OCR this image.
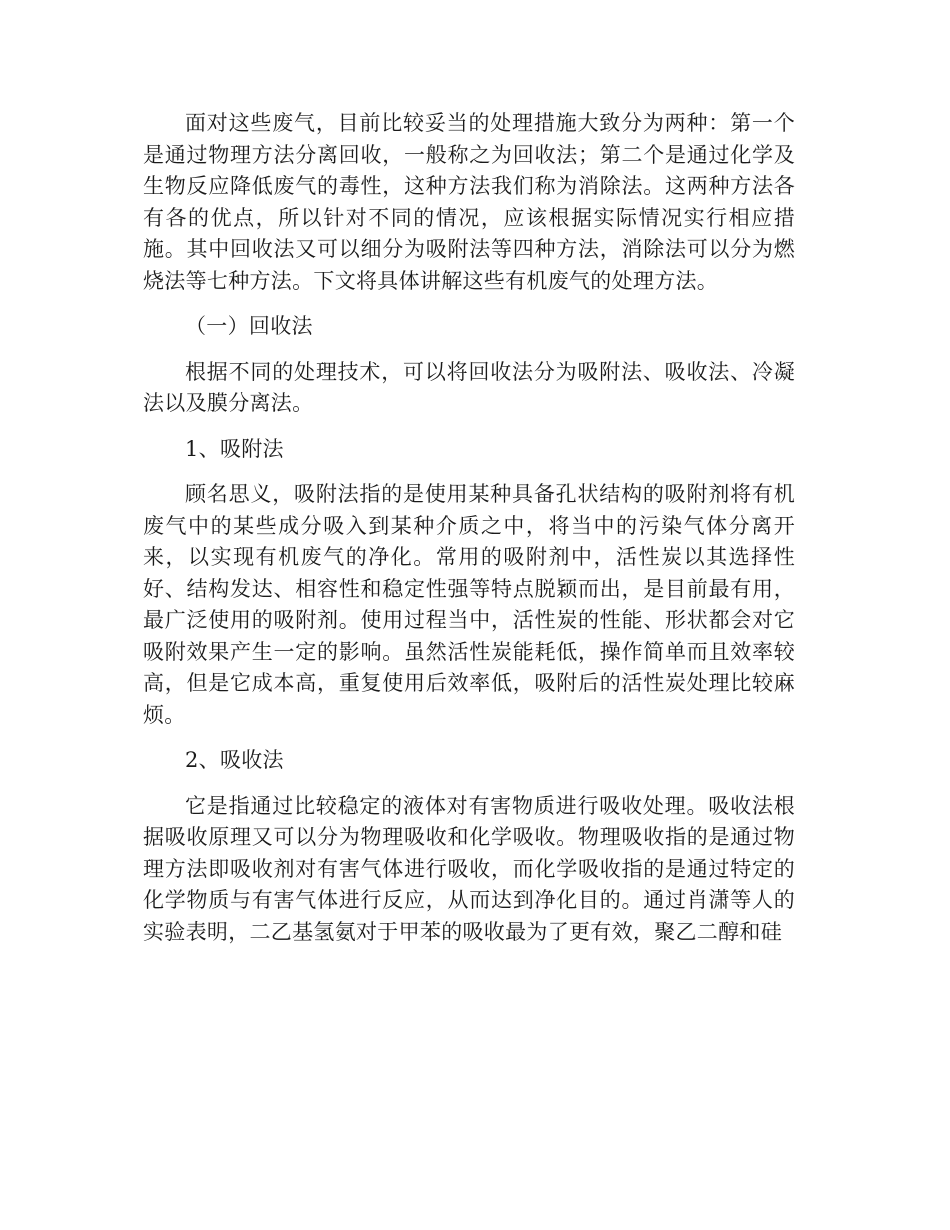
面对这些废气，目前比较妥当的处理措施大致分为两种：第一个是通过物理方法分离回收，一般称之为回收法；第二个是通过化学及生物反应降低废气的毒性，这种方法我们称为消除法。这两种方法各有各的优点，所以针对不同的情况，应该根据实际情况实行相应措施。其中回收法又可以细分为吸附法等四种方法，消除法可以分为燃烧法等七种方法。下文将具体讲解这些有机废气的处理方法。

（一）回收法

根据不同的处理技术，可以将回收法分为吸附法、吸收法、冷凝法以及膜分离法。

1、吸附法

顾名思义，吸附法指的是使用某种具备孔状结构的吸附剂将有机废气中的某些成分吸入到某种介质之中，将当中的污染气体分离开来，以实现有机废气的净化。常用的吸附剂中，活性炭以其选择性好、结构发达、相容性和稳定性强等特点脱颖而出，是目前最有用，最广泛使用的吸附剂。使用过程当中，活性炭的性能、形状都会对它吸附效果产生一定的影响。虽然活性炭能耗低，操作简单而且效率较高，但是它成本高，重复使用后效率低，吸附后的活性炭处理比较麻烦。

2、吸收法

它是指通过比较稳定的液体对有害物质进行吸收处理。吸收法根据吸收原理又可以分为物理吸收和化学吸收。物理吸收指的是通过物理方法即吸收剂对有害气体进行吸收，而化学吸收指的是通过特定的化学物质与有害气体进行反应，从而达到净化目的。通过肖潇等人的实验表明，二乙基氢氨对于甲苯的吸收最为了更有效，聚乙二醇和硅
